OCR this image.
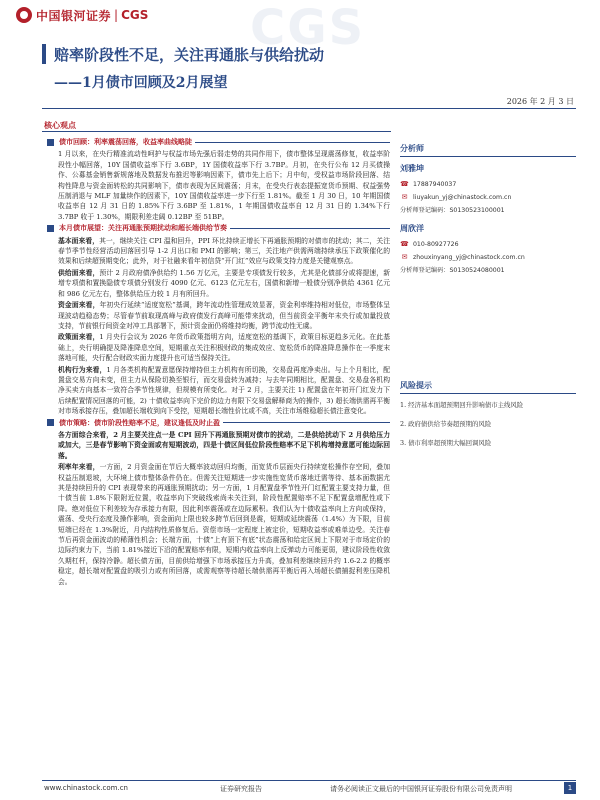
中国银河证券 | CGS CGS
赔率阶段性不足，关注再通胀与供给扰动
——1月债市回顾及2月展望
2026 年 2 月 3 日
核心观点
债市回顾：利率震荡回落，收益率曲线略陡

1 月以来，在央行精准流动性呵护与权益市场先强后弱走势的共同作用下，债市整体呈现震荡修复，收益率阶段性小幅回落，10Y 国债收益率下行 3.6BP，1Y 国债收益率下行 3.7BP。月初，在央行公布 12 月买债操作、公募基金销售新规落地及数据发布推迟等影响因素下，债市先上后下；月中旬，受权益市场阶段回落、结构性降息与资金面转松的共同影响下，债市表现为区间震荡；月末，在受央行表态提振宽货币预期、权益强势压制消退与 MLF 加量续作的因素下，10Y 国债收益率进一步下行至 1.81%。截至 1 月 30 日，10 年期国债收益率自 12 月 31 日的 1.85%下行 3.6BP 至 1.81%，1 年期国债收益率自 12 月 31 日的 1.34%下行 3.7BP 收于 1.30%，期限利差走阔 0.12BP 至 51BP。

本月债市展望：关注再通胀预期扰动和超长端供给节奏

基本面来看，其一，继续关注 CPI 温和回升，PPI 环比持续正增长下再通胀预期的对债市的扰动；其二，关注春节季节性经营活动回落回引导 1-2 月出口和 PMI 的影响；第三，关注地产供需两端持续承压下政策催化的效果和后续超预期变化；此外，对于社融来看年初信贷“开门红”效应与政策支持力度是关键观察点。

供给面来看，预计 2 月政府债净供给约 1.56 万亿元，主要是专项债发行较多，尤其是化债部分或将提速，新增专项债和置换隐债专项债分别发行 4090 亿元、6123 亿元左右，国债和新增一般债分别净供给 4361 亿元和 986 亿元左右，整体供给压力较 1 月有所回升。

资金面来看，年初央行延续“适度宽松”基调，跨年流动性管理成效显著，资金利率维持相对低位，市场整体呈现波动趋稳态势；尽管春节前取现高峰与政府债发行高峰可能带来扰动，但当前资金平衡年末央行或加量投放支持，节前银行间资金对冲工具部署下，预计资金面仍将维持均衡，跨节流动性无虞。

政策面来看，1 月央行会议为 2026 年货币政策指明方向，适度宽松的基调下，政策目标更趋多元化。在此基础上，央行明确提及降准降息空间，短期重点关注积极财政的集成效应、宽松货币的降准降息操作在一季度末落地可能，央行配合财政实面力度提升也可适当保持关注。

机构行为来看，1 月各类机构配置意愿保持增持但主力机构有所切换，交易盘再度净卖出。与上个月相比，配置盘交易方向未变，但主力从保险切换至银行，而交易盘转为减持；与去年同期相比，配置盘、交易盘各机构净买卖方向基本一致符合季节性规律，但规模有所变化。对于 2 月，主要关注 1) 配置盘在年初开门红发力下后续配置情况回落的可能，2) 十债收益率向下完价的边力有限下交易盘解释商为的操作，3) 超长端供需再平衡对市场承接存压，叠加超长端收到向下受控，短期超长端性价比或不高，关注市场维稳超长债注意变化。

债市策略：债市阶段性赔率不足，建议逢低及时止盈

各方面综合来看，2 月主要关注点一是 CPI 回升下再通胀预期对债市的扰动，二是供给扰动下 2 月供给压力或加大，三是春节影响下资金面或有短期波动，四是十债区间低位阶段性赔率不足下机构增持意愿可能边际回落。

利率年来看，一方面，2 月资金面在节后大概率波动回归均衡，而宽货币层面央行持续宽松操作存空间，叠加权益压制退坡，大环境上债市整体条件仍在。但需关注短期进一步实施性宽货币落地迁需等待、基本面数据尤其是持续回升的 CPI 表现带来的再通胀预期扰动；另一方面，1 月配置盘季节性开门红配置主要支持力量，但十债当前 1.8%下限附近位置，收益率向下突破线索尚未关注到，阶段性配置赔率不足下配置盘增配性或下降。绝对低位下利差较为存承接力有限，因此利率震荡或在边际累积。我们认为十债收益率向上方向或保持，震荡、受央行态度及操作影响，资金面向上限也较多跨节后回到是震，短期或延续震荡（1.4%）为下限，目前短端已经在 1.3%附近，月内结构性质修复后。资偿市场一定程度上被定价，短期收益率或难单边受。关注春节后再资金面波动的稀薄性机会；长端方面，十债“上有顶下有底”状态震荡和给定区间上下限对于市场定价的边际约束力下，当前 1.81%接近下沿的配置赔率有限，短期内收益率向上反弹动力可能更弱，建议阶段性收敛久期杠杆，保持冷静。超长债方面，目前供给增强下市场承接压力升高，叠加利差继续回升约 1.6-2.2 的概率稳定，超长端对配置盘的吸引力或有所回落，或需观察等待超长端供需再平衡后再入场超长债捕捉利差压降机会。

分析师
刘雅坤
☎ 17887940037
✉ liuyakun_yj@chinastock.com.cn
分析师登记编码：S0130523100001
周欣洋
☎ 010-80927726
✉ zhouxinyang_yj@chinastock.com.cn
分析师登记编码：S0130524080001
风险提示
1. 经济基本面超预期回升影响债市主线风险
2. 政府债供给节奏超预期的风险
3. 债市利率超预期大幅回调风险
www.chinastock.com.cn	证券研究报告	请务必阅读正文最后的中国银河证券股份有限公司免责声明	1
